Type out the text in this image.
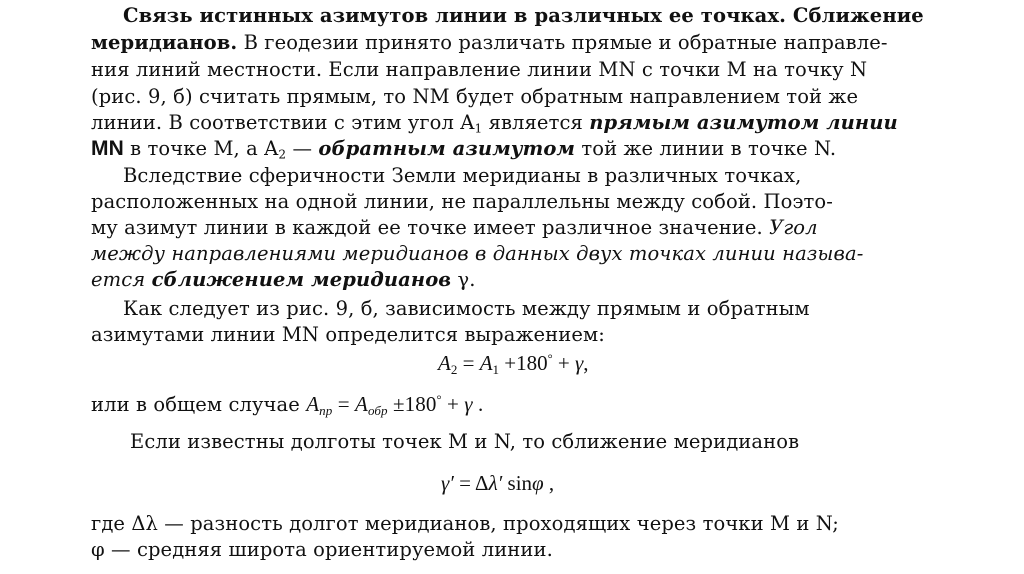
Связь истинных азимутов линии в различных ее точках. Сближение
меридианов. В геодезии принято различать прямые и обратные направле-
ния линий местности. Если направление линии MN с точки M на точку N
(рис. 9, б) считать прямым, то NM будет обратным направлением той же
линии. В соответствии с этим угол $A_1$ является прямым азимутом линии
MN в точке M, а $A_2$ — обратным азимутом той же линии в точке N.
Вследствие сферичности Земли меридианы в различных точках,
расположенных на одной линии, не параллельны между собой. Поэто-
му азимут линии в каждой ее точке имеет различное значение. Угол
между направлениями меридианов в данных двух точках линии называ-
ется сближением меридианов γ.
Как следует из рис. 9, б, зависимость между прямым и обратным
азимутами линии MN определится выражением:
$A_2 = A_1 +180^\circ + \gamma$,
или в общем случае $A_{пр} = A_{обр} \pm 180^\circ + \gamma$ .
Если известны долготы точек M и N, то сближение меридианов
γ′ = Δλ′ sinφ ,
где Δλ — разность долгот меридианов, проходящих через точки M и N;
φ — средняя широта ориентируемой линии.
